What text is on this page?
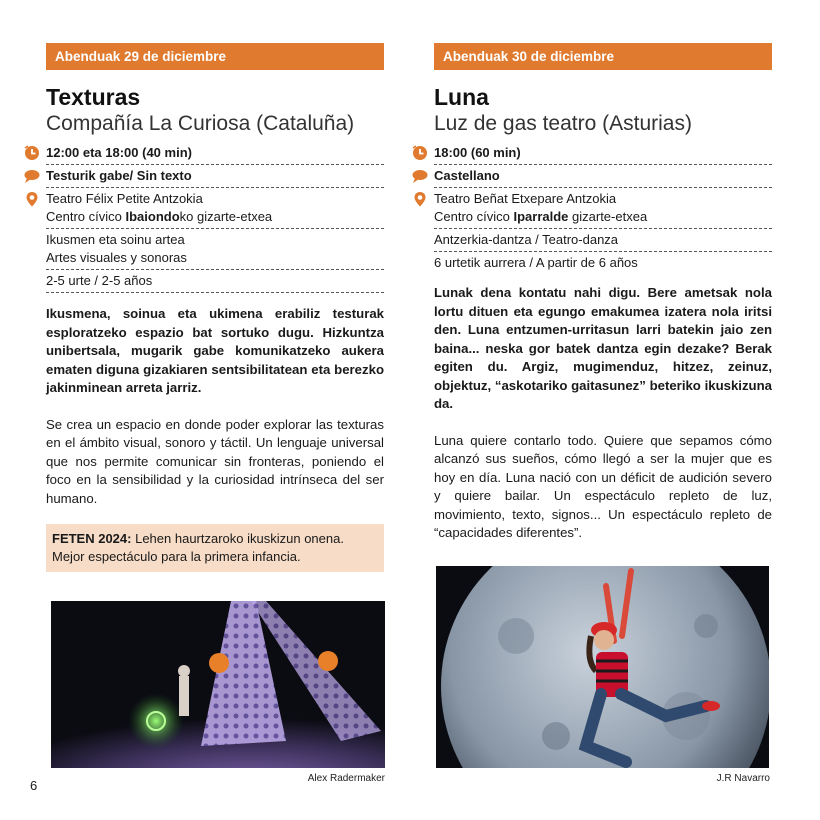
Abenduak 29 de diciembre
Texturas
Compañía La Curiosa (Cataluña)
12:00 eta 18:00 (40 min)
Testurik gabe/ Sin texto
Teatro Félix Petite Antzokia
Centro cívico Ibaiondoko gizarte-etxea
Ikusmen eta soinu artea
Artes visuales y sonoras
2-5 urte / 2-5 años
Ikusmena, soinua eta ukimena erabiliz testurak esploratzeko espazio bat sortuko dugu. Hizkuntza unibertsala, mugarik gabe komunikatzeko aukera ematen diguna gizakiaren sentsibilitatean eta berezko jakinminean arreta jarriz.
Se crea un espacio en donde poder explorar las texturas en el ámbito visual, sonoro y táctil. Un lenguaje universal que nos permite comunicar sin fronteras, poniendo el foco en la sensibilidad y la curiosidad intrínseca del ser humano.
FETEN 2024: Lehen haurtzaroko ikuskizun onena.
Mejor espectáculo para la primera infancia.
Alex Radermaker
Abenduak 30 de diciembre
Luna
Luz de gas teatro (Asturias)
18:00 (60 min)
Castellano
Teatro Beñat Etxepare Antzokia
Centro cívico Iparralde gizarte-etxea
Antzerkia-dantza / Teatro-danza
6 urtetik aurrera / A partir de 6 años
Lunak dena kontatu nahi digu. Bere ametsak nola lortu dituen eta egungo emakumea izatera nola iritsi den. Luna entzumen-urritasun larri batekin jaio zen baina... neska gor batek dantza egin dezake? Berak egiten du. Argiz, mugimenduz, hitzez, zeinuz, objektuz, “askotariko gaitasunez” beteriko ikuskizuna da.
Luna quiere contarlo todo. Quiere que sepamos cómo alcanzó sus sueños, cómo llegó a ser la mujer que es hoy en día. Luna nació con un déficit de audición severo y quiere bailar. Un espectáculo repleto de luz, movimiento, texto, signos... Un espectáculo repleto de “capacidades diferentes”.
J.R Navarro
6
